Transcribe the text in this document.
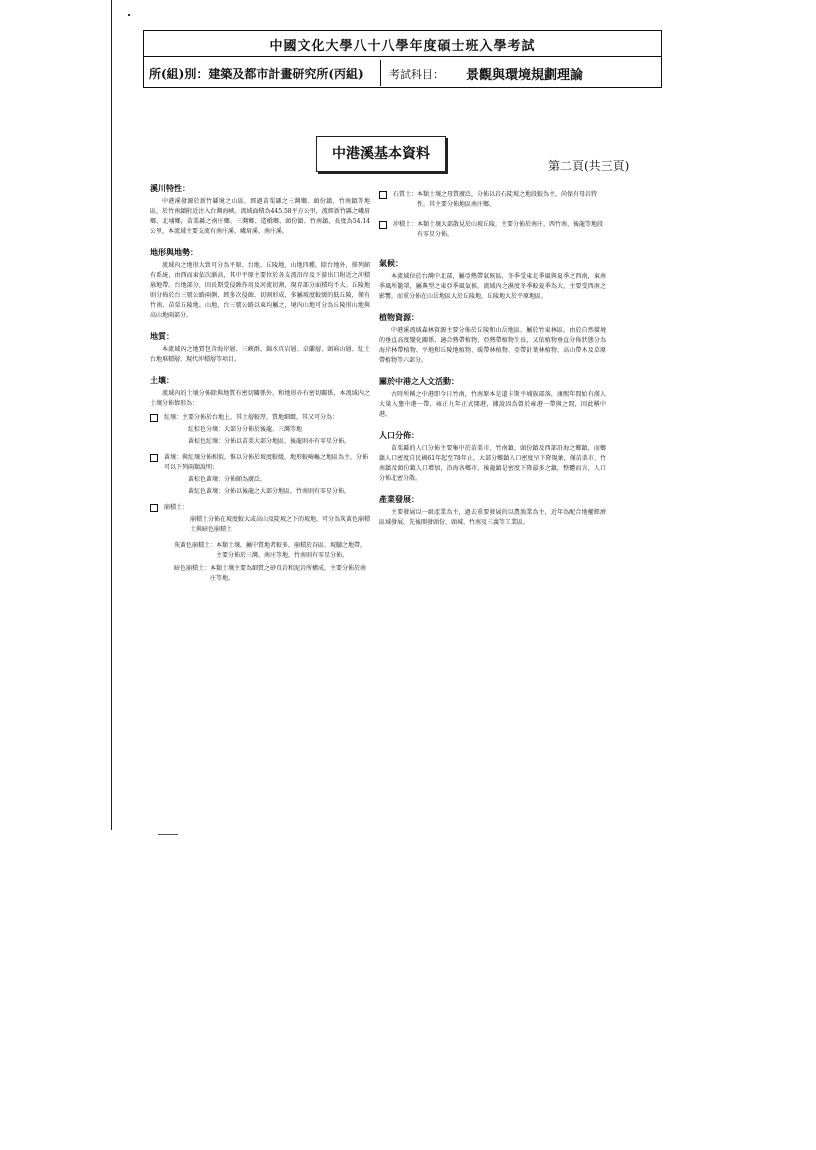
中國文化大學八十八學年度碩士班入學考試
所(組)別：建築及都市計畫研究所(丙組) 考試科目： 景觀與環境規劃理論
中港溪基本資料
第二頁(共三頁)
溪川特性：
中港溪發源於新竹縣境之山區，經過苗栗縣之三灣鄉、頭份鎮、竹南鎮等地區，於竹南鎮附近注入台灣海峽。流域面積為445.58平方公里，流經新竹縣之峨眉鄉、北埔鄉，苗栗縣之南庄鄉、三灣鄉、造橋鄉、頭份鎮、竹南鎮，長度為54.14公里，本流域主要支流有南庄溪、峨眉溪、南庄溪。
地形與地勢：
流域內之地形大致可分為平原、台地、丘陵地、山地四種，除台地外，排列頗有系統，由西而東依次漸高，其中平原主要位於各支流沿岸及下游出口附近之沖積扇地帶。台地部分，因長期受侵蝕作用及河流切割，現存部分面積均不大。丘陵地則分佈於台三號公路兩側，經多次侵蝕、切割形成，多屬坡度較緩的低丘陵，僅有竹南、苗栗丘陵地。山地，台三號公路以東均屬之，境內山地可分為丘陵形山地與高山地兩部分。
地質：
本流域內之地質包含海岸層、三峽群、錦水頁岩層、卓蘭層、頭嵙山層、紅土台地堆積層、現代沖積層等項目。
土壤：
流域內的土壤分佈除與地質有密切關係外，和地形亦有密切關係，本流域內之土壤分佈情形為：
紅壤：主要分佈於台地上，其土層較厚，質地細緻，其又可分為：
紅棕色分壤：大部分分佈於後龍、三灣等地
黃棕色紅壤：分佈以苗栗大部分地區，後龍則亦有零星分佈。
黃壤：與紅壤分佈相似，惟以分佈於坡度較緩，地形較崎嶇之地區為主，分佈可以下列兩類說明：
黃棕色黃壤：分佈頗為廣泛。
黃紅色黃壤：分佈以後龍之大部分地區，竹南則有零星分佈。
崩積土：
崩積土分佈在坡度較大或高山及陡坡之下的坡地，可分為灰黃色崩積土與暗色崩積土
灰黃色崩積土： 本類土壤，屬中質地者較多，崩積於谷區、坡腳之地帶，主要分佈於三灣、南庄等地，竹南則有零星分佈。
暗色崩積土： 本類土壤主要為細質之砂頁岩和泥岩所構成，主要分佈於南庄等地。
石質土： 本類土壤之母質廣泛，分佈以岩石陡坡之地段較為主，尚保有母岩特性，其主要分佈地區南庄鄉。
沖積土： 本類土壤大部散見於山坡丘陵，主要分佈於南庄、西竹南、後龍等地段有零星分佈。
氣候：
本流域位於台灣中北部，屬亞熱帶氣候區，冬季受東北季風與夏季之西南，東南季風所籠罩，屬典型之東亞季風氣候。流域內之濕度冬季較夏季為大，主要受西南之影響，而重分佈在山岳地區大於丘陵地，丘陵地大於平原地區。
植物資源：
中港溪流域森林資源主要分佈於丘陵和山岳地區，屬於竹東林區。由於自然環境的垂直高度變化關係，適合熱帶植物、亞熱帶植物生長，又依植物垂直分佈狀態分為海岸林帶植物、平地和丘陵地植物、暖帶林植物、亞帶針葉林植物、高山帶木及草原帶植物等六部分。
關於中港之人文活動：
古時所稱之中港即今日竹南，竹南原本是道卡斯平埔族部落，康熙年間始有漢人大量入墾中港一帶，雍正九年正式開港，據說因為曾於雍港一帶與之間，因此稱中港。
人口分佈：
苗栗縣的人口分佈主要集中於苗栗市、竹南鎮、頭份鎮及西部沿海之鄉鎮，而鄉鎮人口密度自民國61年起至78年止，大部分鄉鎮人口密度呈下降現象，僅苗栗市、竹南鎮及頭份鎮人口增加，沿海各鄉市，後龍鎮是密度下降最多之鎮，整體而言，人口分佈北密分散。
產業發展：
主要發展以一級產業為主，過去重要發展的以農漁業為主，近年為配合地權經濟區域發展，先後開發頭份、頭城、竹南及三義等工業區。
